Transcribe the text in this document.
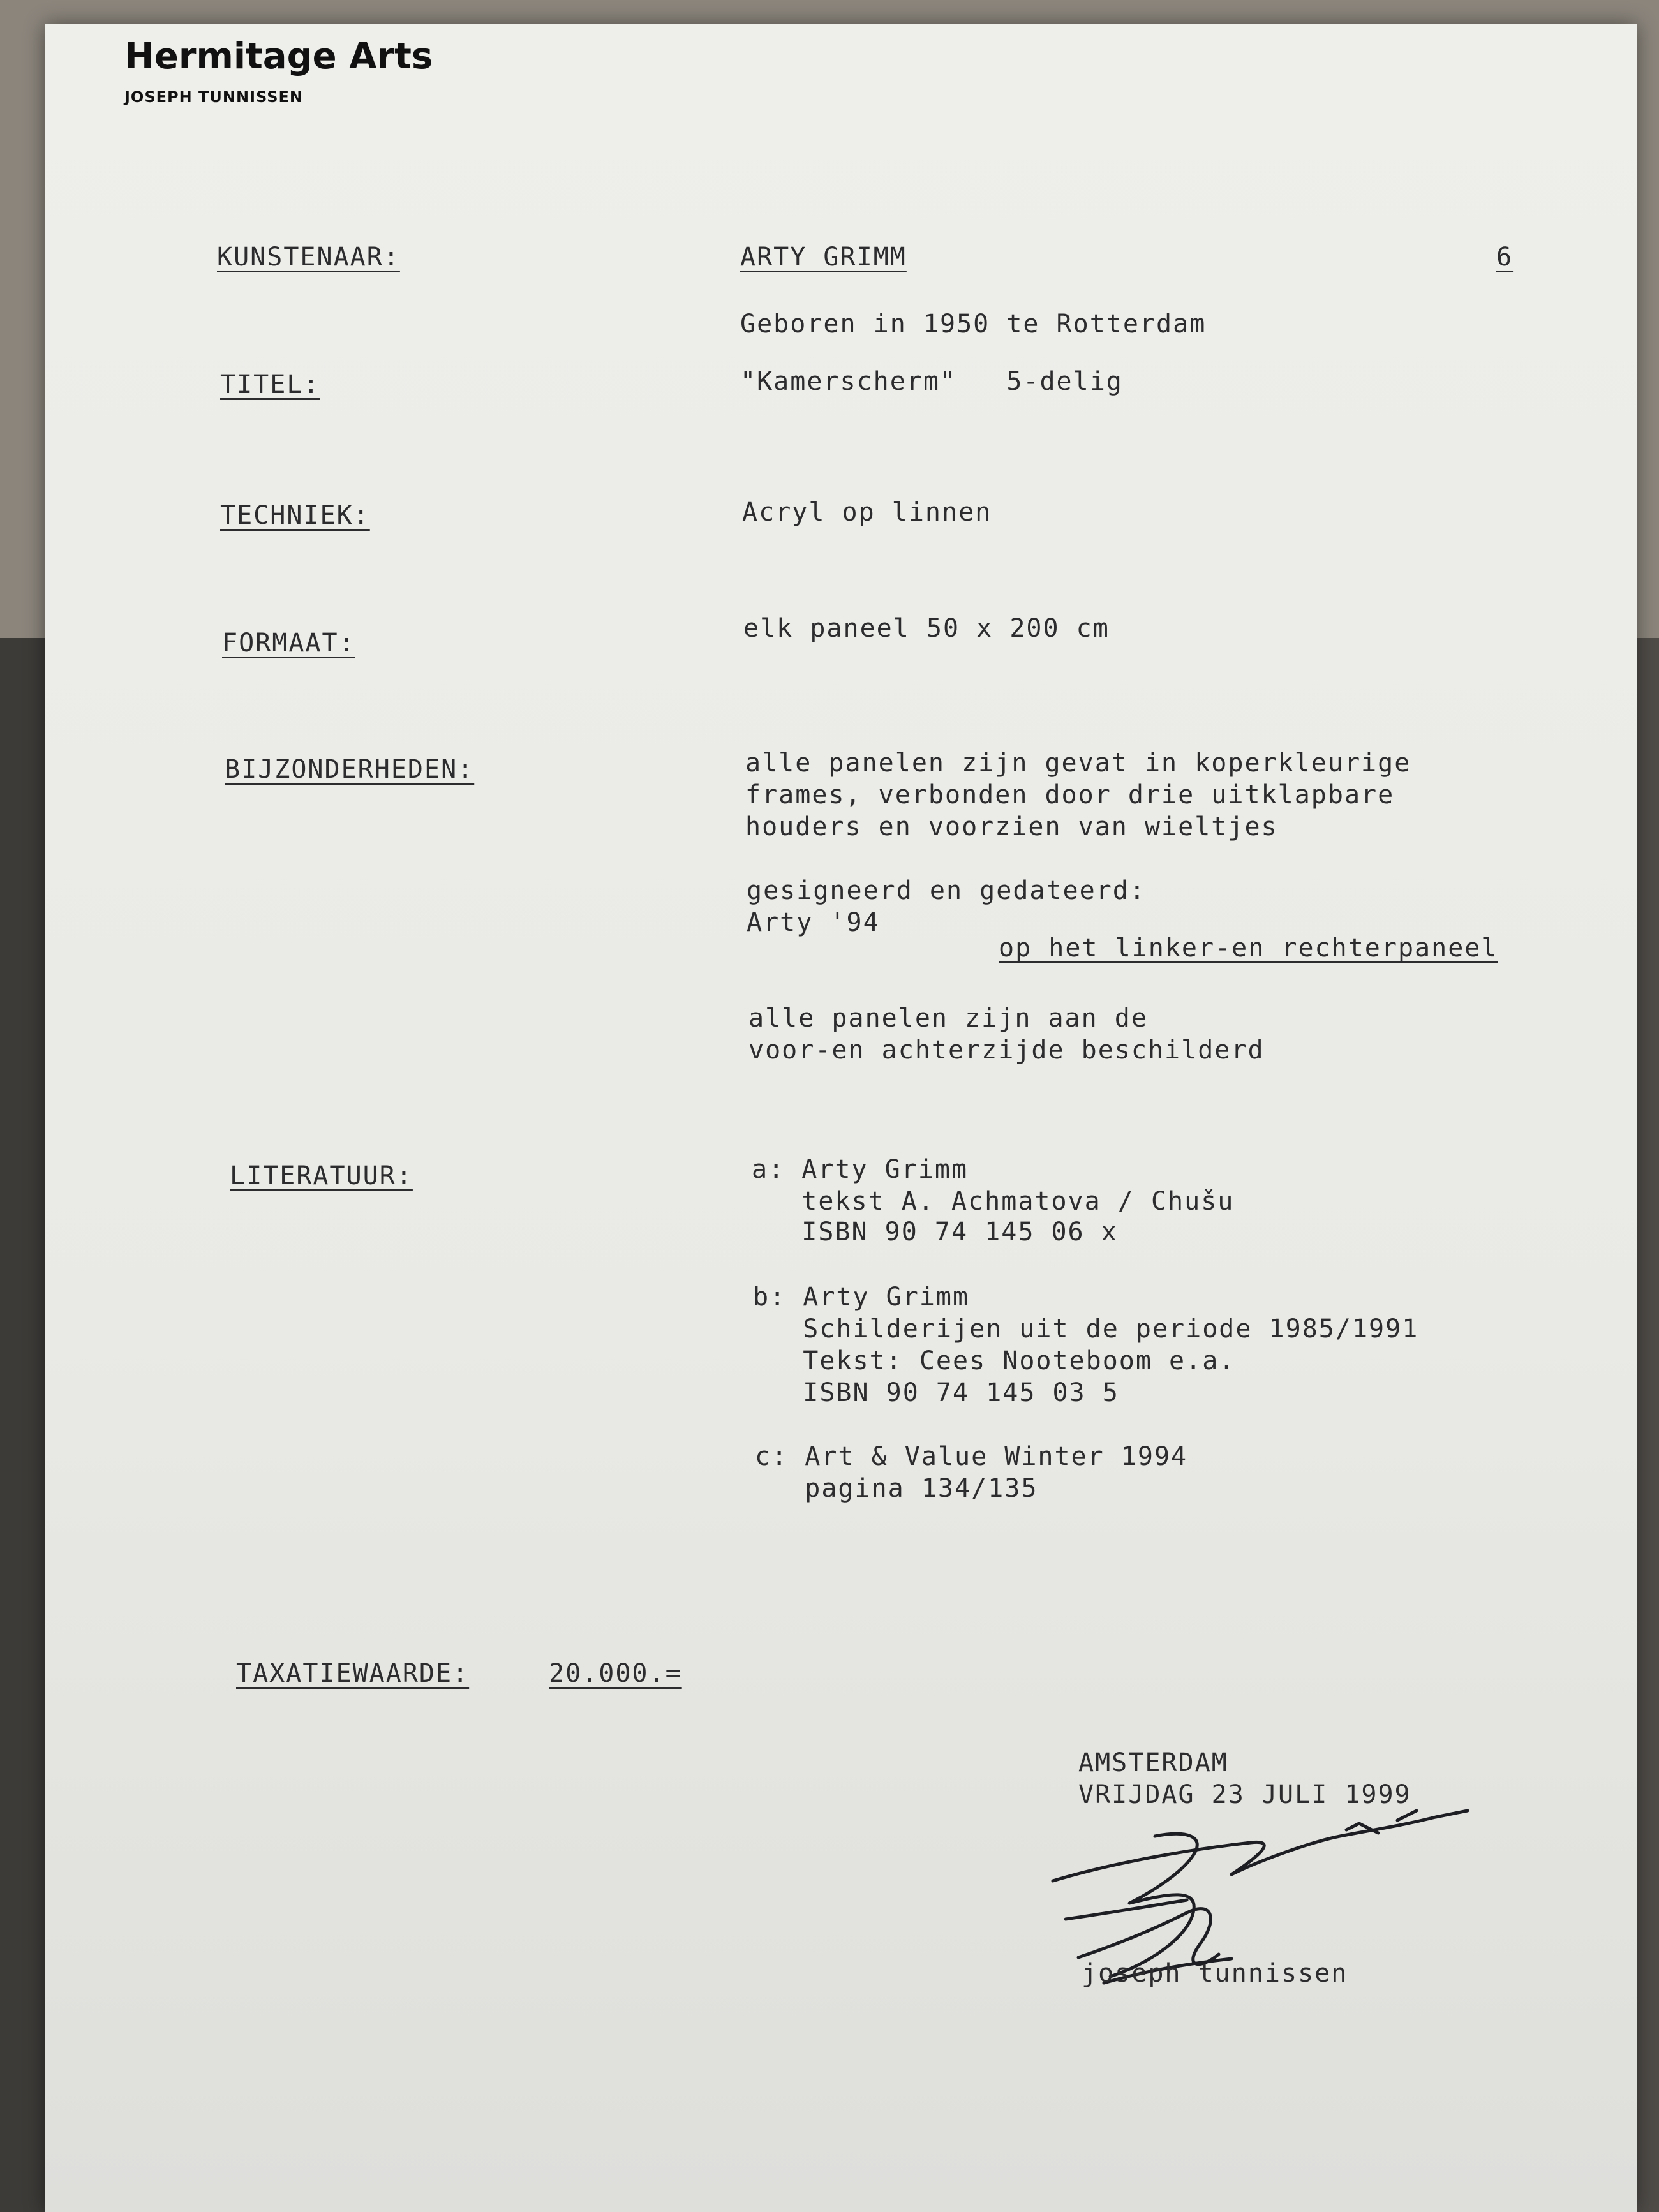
Hermitage Arts
JOSEPH TUNNISSEN
6
KUNSTENAAR:	ARTY GRIMM
Geboren in 1950 te Rotterdam
TITEL:	"Kamerscherm"   5-delig
TECHNIEK:	Acryl op linnen
FORMAAT:	elk paneel 50 x 200 cm
BIJZONDERHEDEN:	alle panelen zijn gevat in koperkleurige
frames, verbonden door drie uitklapbare
houders en voorzien van wieltjes
gesigneerd en gedateerd:
Arty '94
op het linker-en rechterpaneel
alle panelen zijn aan de
voor-en achterzijde beschilderd
LITERATUUR:	a: Arty Grimm
tekst A. Achmatova / Chušu
ISBN 90 74 145 06 x
b: Arty Grimm
Schilderijen uit de periode 1985/1991
Tekst: Cees Nooteboom e.a.
ISBN 90 74 145 03 5
c: Art & Value Winter 1994
pagina 134/135
TAXATIEWAARDE:	20.000.=
AMSTERDAM
VRIJDAG 23 JULI 1999
joseph tunnissen
